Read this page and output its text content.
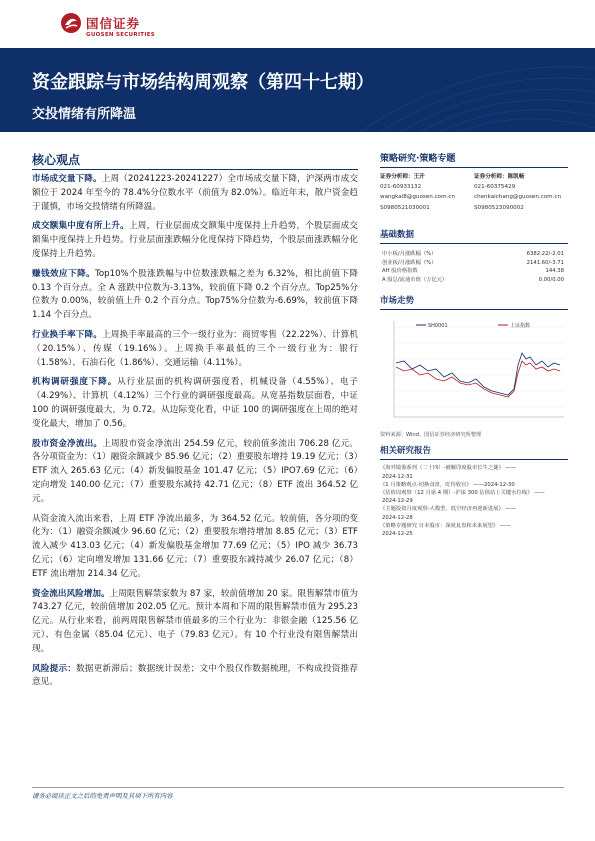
国信证券
GUOSEN SECURITIES
资金跟踪与市场结构周观察（第四十七期）
交投情绪有所降温
核心观点

市场成交量下降。上周（20241223-20241227）全市场成交量下降，沪深两市成交额位于 2024 年至今的 78.4%分位数水平（前值为 82.0%）。临近年末，散户资金趋于谨慎，市场交投情绪有所降温。

成交额集中度有所上升。上周，行业层面成交额集中度保持上升趋势，个股层面成交额集中度保持上升趋势。行业层面涨跌幅分化度保持下降趋势，个股层面涨跌幅分化度保持上升趋势。

赚钱效应下降。Top10%个股涨跌幅与中位数涨跌幅之差为 6.32%，相比前值下降 0.13 个百分点。全 A 涨跌中位数为-3.13%，较前值下降 0.2 个百分点。Top25%分位数为 0.00%，较前值上升 0.2 个百分点。Top75%分位数为-6.69%，较前值下降 1.14 个百分点。

行业换手率下降。上周换手率最高的三个一级行业为：商贸零售（22.22%）、计算机（20.15%）、传媒（19.16%）。上周换手率最低的三个一级行业为：银行（1.58%）、石油石化（1.86%）、交通运输（4.11%）。

机构调研强度下降。从行业层面的机构调研强度看，机械设备（4.55%）、电子（4.29%）、计算机（4.12%）三个行业的调研强度最高。从宽基指数层面看，中证 100 的调研强度最大，为 0.72。从边际变化看，中证 100 的调研强度在上周的绝对变化最大，增加了 0.56。

股市资金净流出。上周股市资金净流出 254.59 亿元，较前值多流出 706.28 亿元。各分项资金为：（1）融资余额减少 85.96 亿元；（2）重要股东增持 19.19 亿元；（3）ETF 流入 265.63 亿元；（4）新发偏股基金 101.47 亿元；（5）IPO7.69 亿元；（6）定向增发 140.00 亿元；（7）重要股东减持 42.71 亿元；（8）ETF 流出 364.52 亿元。

从资金流入流出来看，上周 ETF 净流出最多，为 364.52 亿元。较前值，各分项的变化为：（1）融资余额减少 96.60 亿元；（2）重要股东增持增加 8.85 亿元；（3）ETF 流入减少 413.03 亿元；（4）新发偏股基金增加 77.69 亿元；（5）IPO 减少 36.73 亿元；（6）定向增发增加 131.66 亿元；（7）重要股东减持减少 26.07 亿元；（8）ETF 流出增加 214.34 亿元。

资金流出风险增加。上周限售解禁家数为 87 家，较前值增加 20 家。限售解禁市值为 743.27 亿元，较前值增加 202.05 亿元。预计本周和下周的限售解禁市值为 295.23 亿元。从行业来看，前两周限售解禁市值最多的三个行业为：非银金融（125.56 亿元）、有色金属（85.04 亿元）、电子（79.83 亿元）。有 10 个行业没有限售解禁出现。

风险提示：数据更新滞后；数据统计误差；文中个股仅作数据梳理，不构成投资推荐意见。

策略研究·策略专题
证券分析师：王开
021-60933132
wangkai8@guosen.com.cn
S0980521030001
证券分析师：陈凯畅
021-60375429
chenkaichang@guosen.com.cn
S0980523090002
基础数据
中小板/月涨跌幅（%）	6382.22/-2.01
创业板/月涨跌幅（%）	2141.60/-3.71
AH 股价格指数	144.38
A 股总/流通市值（万亿元）	0.00/0.00
市场走势
SH0001	上证指数
资料来源：Wind、国信证券经济研究所整理
相关研究报告
《海外镜鉴系列（二十四）-被解印度股市长牛之谜》 ——
2024-12-31
《1 月策略观点-切换食盘，盯待收官》 ——2024-12-30
《估值周观察（12 月第 4 期）-沪深 300 估值站上关键水位线》 ——
2024-12-29
《主题投资月度观察-大模型、低空经济再迎新进展》 ——
2024-12-28
《策略专题研究 日本股市：深度复盘和未来展望》 ——
2024-12-25
请务必阅读正文之后的免责声明及其项下所有内容
